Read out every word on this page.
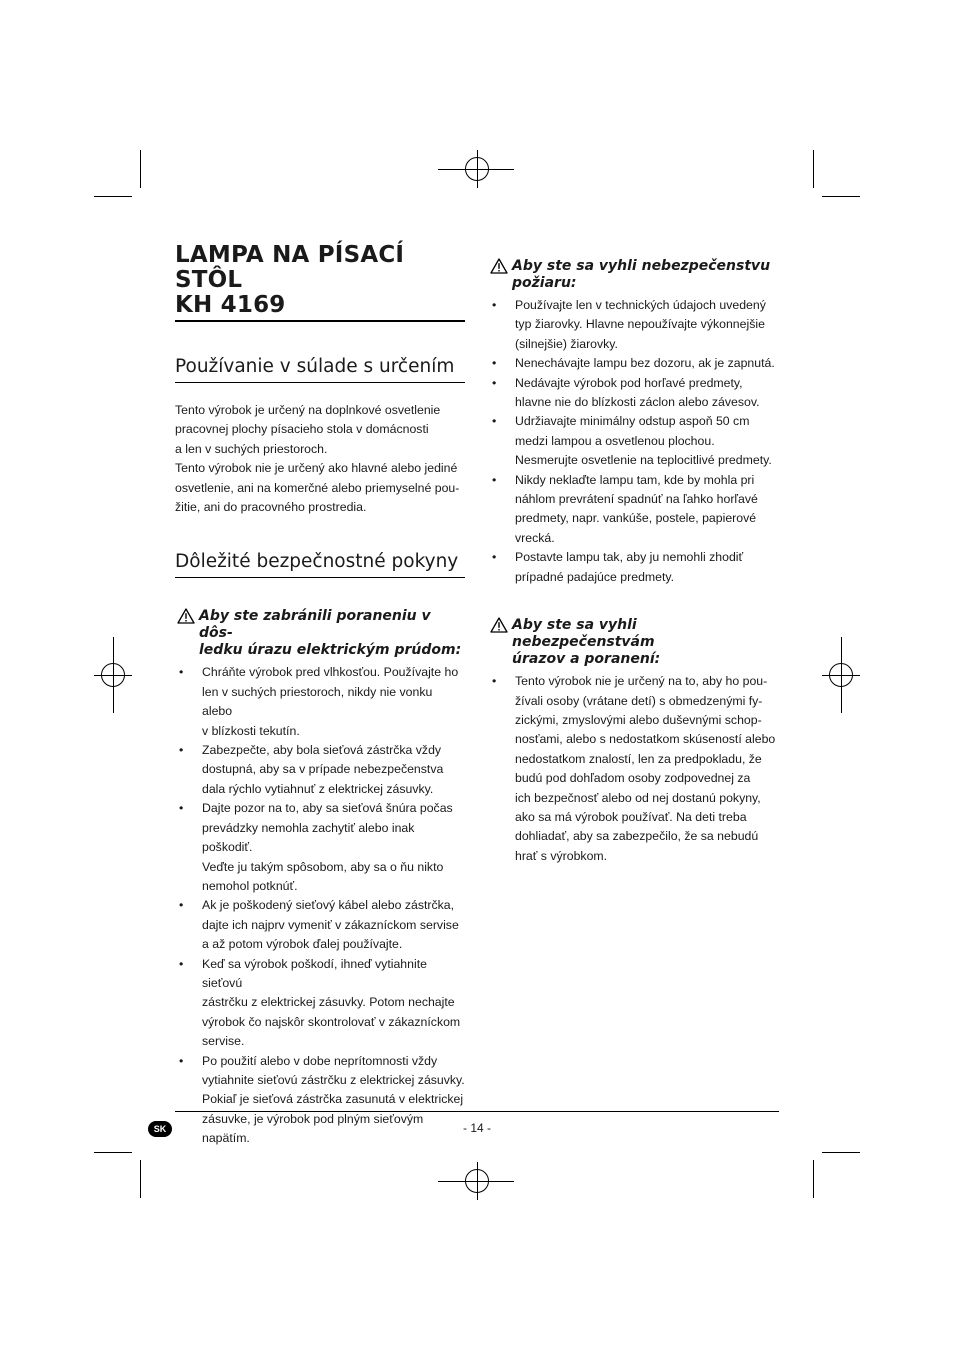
LAMPA NA PÍSACÍ STÔL
KH 4169
Používanie v súlade s určením

Tento výrobok je určený na doplnkové osvetlenie
pracovnej plochy písacieho stola v domácnosti
a len v suchých priestoroch.
Tento výrobok nie je určený ako hlavné alebo jediné
osvetlenie, ani na komerčné alebo priemyselné pou-
žitie, ani do pracovného prostredia.

Dôležité bezpečnostné pokyny
Aby ste zabránili poraneniu v dôs-
ledku úrazu elektrickým prúdom:
• Chráňte výrobok pred vlhkosťou. Používajte ho
len v suchých priestoroch, nikdy nie vonku alebo
v blízkosti tekutín.
• Zabezpečte, aby bola sieťová zástrčka vždy
dostupná, aby sa v prípade nebezpečenstva
dala rýchlo vytiahnuť z elektrickej zásuvky.
• Dajte pozor na to, aby sa sieťová šnúra počas
prevádzky nemohla zachytiť alebo inak poškodiť.
Veďte ju takým spôsobom, aby sa o ňu nikto
nemohol potknúť.
• Ak je poškodený sieťový kábel alebo zástrčka,
dajte ich najprv vymeniť v zákazníckom servise
a až potom výrobok ďalej používajte.
• Keď sa výrobok poškodí, ihneď vytiahnite sieťovú
zástrčku z elektrickej zásuvky. Potom nechajte
výrobok čo najskôr skontrolovať v zákazníckom
servise.
• Po použití alebo v dobe neprítomnosti vždy
vytiahnite sieťovú zástrčku z elektrickej zásuvky.
Pokiaľ je sieťová zástrčka zasunutá v elektrickej
zásuvke, je výrobok pod plným sieťovým napätím.
Aby ste sa vyhli nebezpečenstvu
požiaru:
• Používajte len v technických údajoch uvedený
typ žiarovky. Hlavne nepoužívajte výkonnejšie
(silnejšie) žiarovky.
• Nenechávajte lampu bez dozoru, ak je zapnutá.
• Nedávajte výrobok pod horľavé predmety,
hlavne nie do blízkosti záclon alebo závesov.
• Udržiavajte minimálny odstup aspoň 50 cm
medzi lampou a osvetlenou plochou.
Nesmerujte osvetlenie na teplocitlivé predmety.
• Nikdy neklaďte lampu tam, kde by mohla pri
náhlom prevrátení spadnúť na ľahko horľavé
predmety, napr. vankúše, postele, papierové
vrecká.
• Postavte lampu tak, aby ju nemohli zhodiť
prípadné padajúce predmety.
Aby ste sa vyhli nebezpečenstvám
úrazov a poranení:
• Tento výrobok nie je určený na to, aby ho pou-
žívali osoby (vrátane detí) s obmedzenými fy-
zickými, zmyslovými alebo duševnými schop-
nosťami, alebo s nedostatkom skúseností alebo
nedostatkom znalostí, len za predpokladu, že
budú pod dohľadom osoby zodpovednej za
ich bezpečnosť alebo od nej dostanú pokyny,
ako sa má výrobok používať. Na deti treba
dohliadať, aby sa zabezpečilo, že sa nebudú
hrať s výrobkom.
SK	- 14 -
